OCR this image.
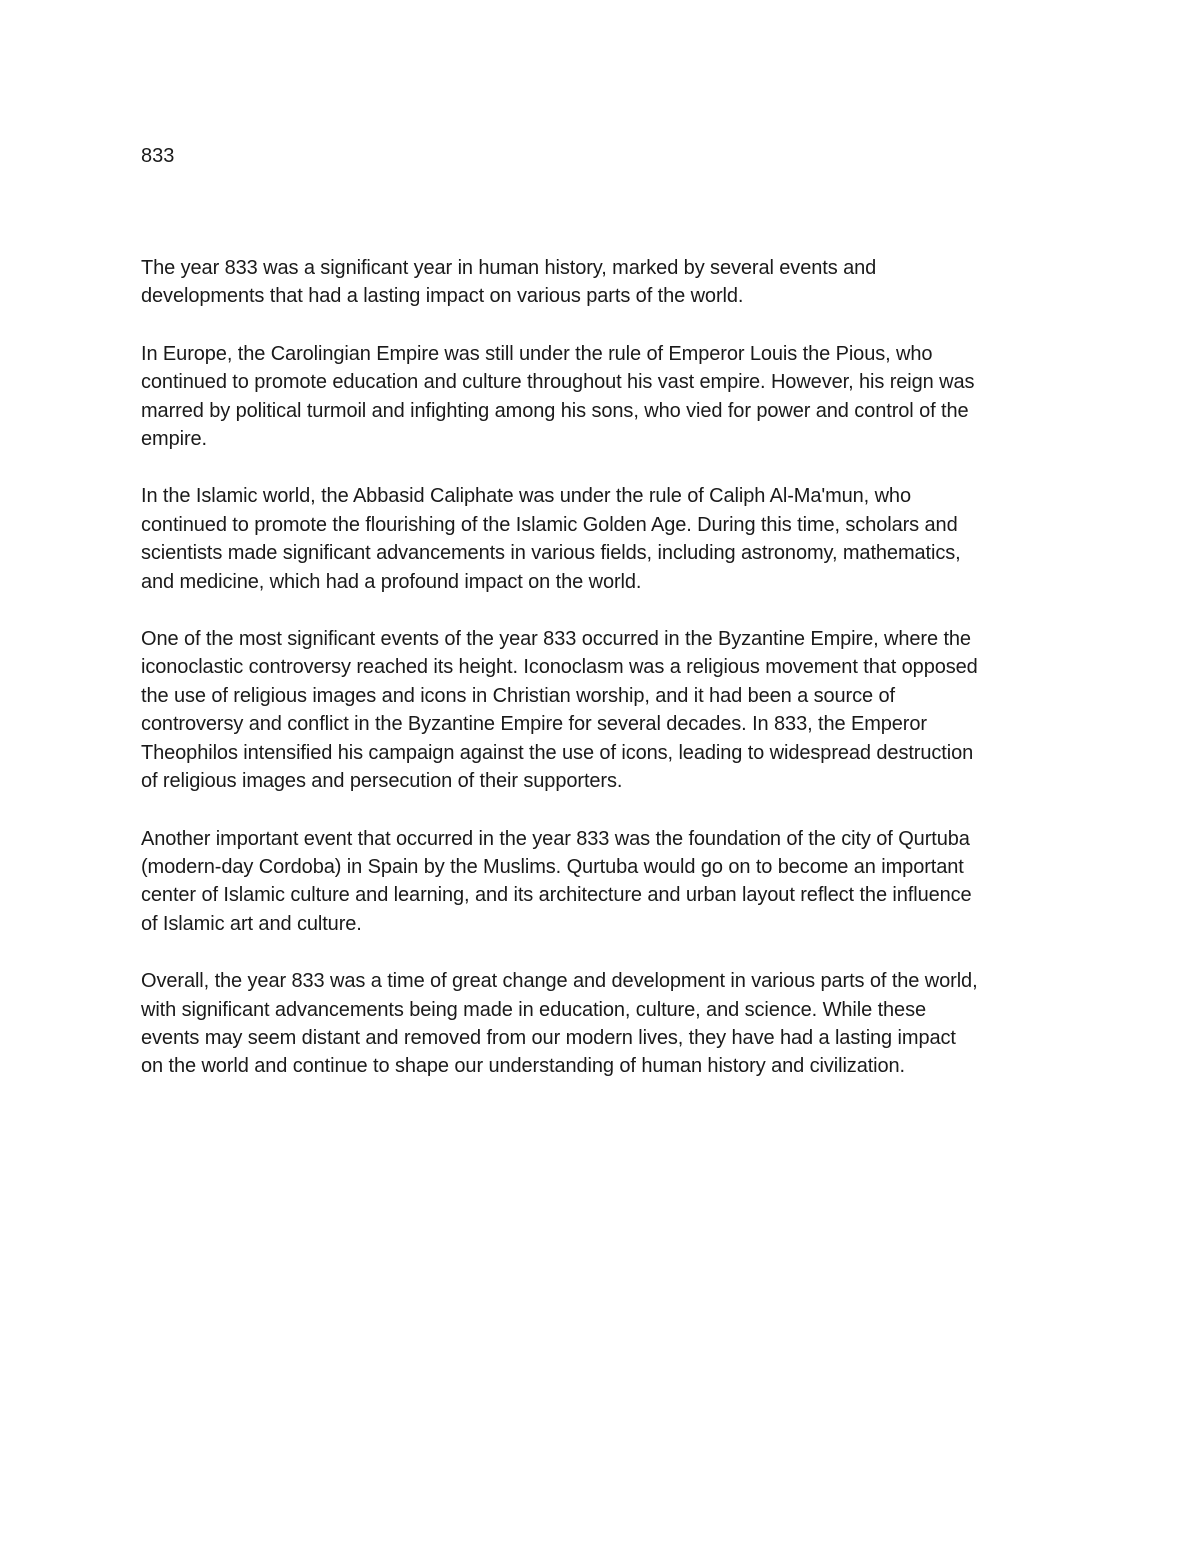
833

The year 833 was a significant year in human history, marked by several events and
developments that had a lasting impact on various parts of the world.

In Europe, the Carolingian Empire was still under the rule of Emperor Louis the Pious, who
continued to promote education and culture throughout his vast empire. However, his reign was
marred by political turmoil and infighting among his sons, who vied for power and control of the
empire.

In the Islamic world, the Abbasid Caliphate was under the rule of Caliph Al-Ma'mun, who
continued to promote the flourishing of the Islamic Golden Age. During this time, scholars and
scientists made significant advancements in various fields, including astronomy, mathematics,
and medicine, which had a profound impact on the world.

One of the most significant events of the year 833 occurred in the Byzantine Empire, where the
iconoclastic controversy reached its height. Iconoclasm was a religious movement that opposed
the use of religious images and icons in Christian worship, and it had been a source of
controversy and conflict in the Byzantine Empire for several decades. In 833, the Emperor
Theophilos intensified his campaign against the use of icons, leading to widespread destruction
of religious images and persecution of their supporters.

Another important event that occurred in the year 833 was the foundation of the city of Qurtuba
(modern-day Cordoba) in Spain by the Muslims. Qurtuba would go on to become an important
center of Islamic culture and learning, and its architecture and urban layout reflect the influence
of Islamic art and culture.

Overall, the year 833 was a time of great change and development in various parts of the world,
with significant advancements being made in education, culture, and science. While these
events may seem distant and removed from our modern lives, they have had a lasting impact
on the world and continue to shape our understanding of human history and civilization.
